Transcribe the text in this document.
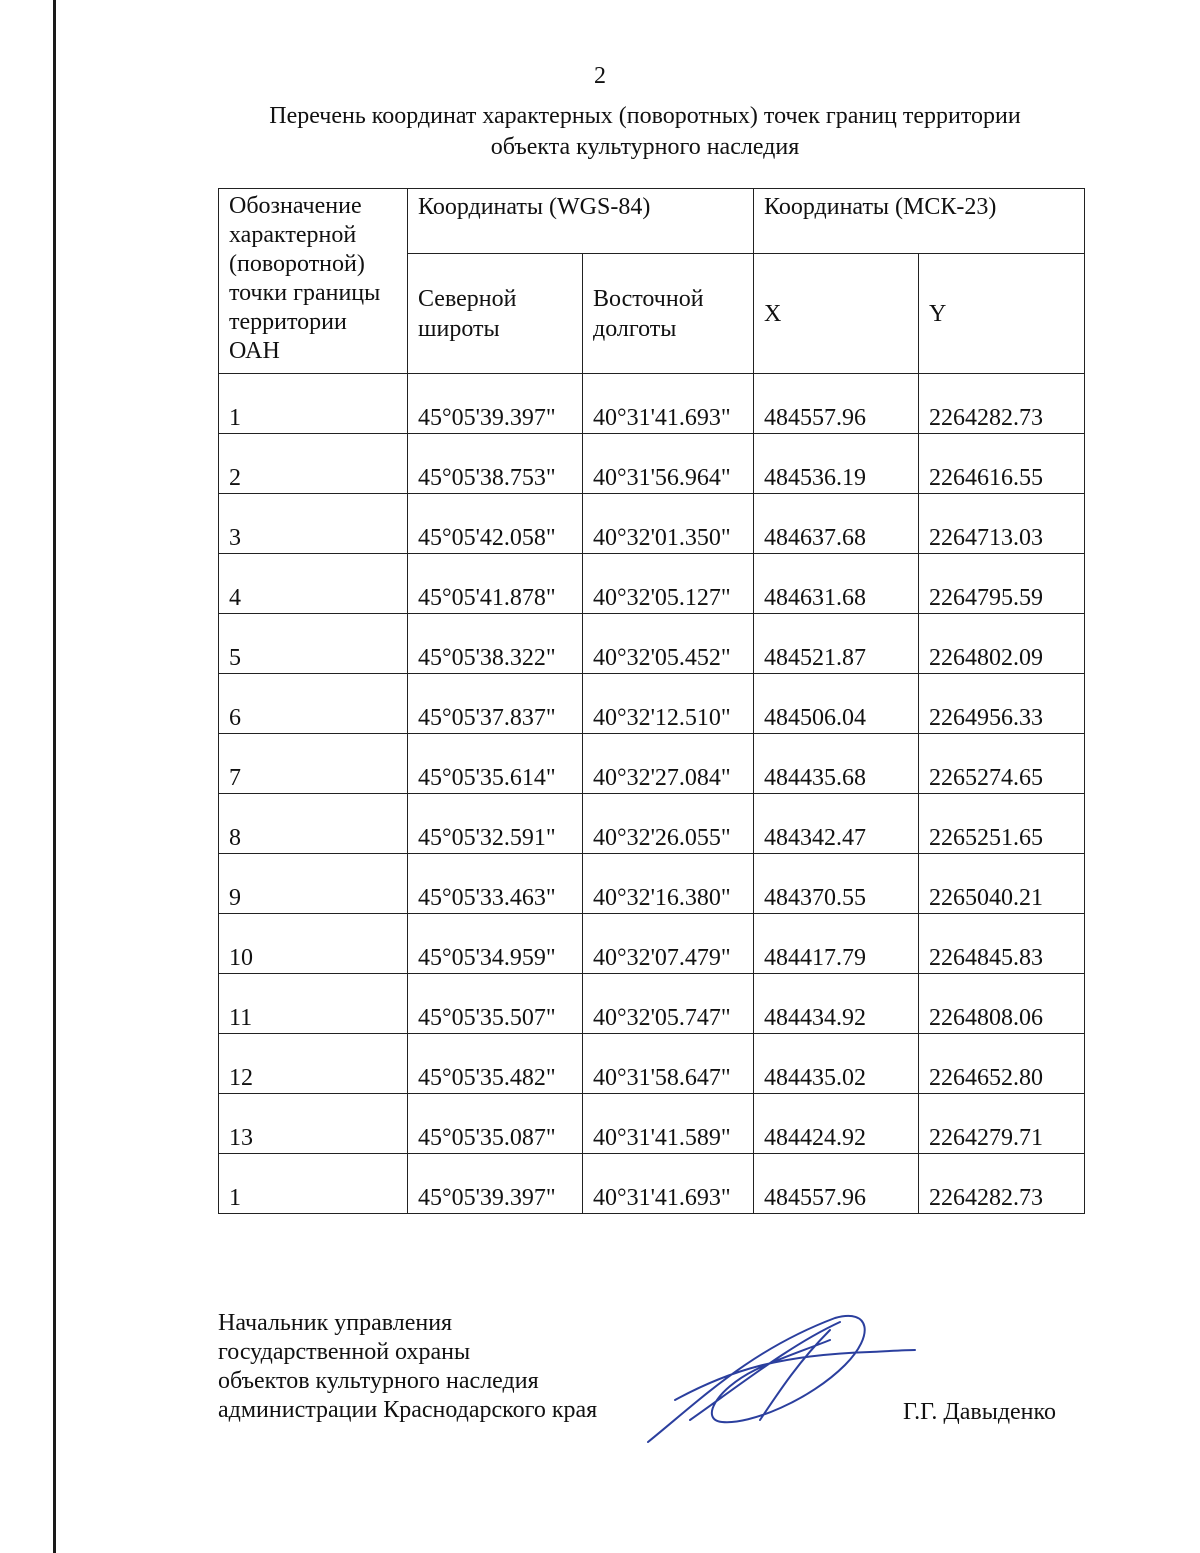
2
Перечень координат характерных (поворотных) точек границ территории
объекта культурного наследия
Обозначение характерной (поворотной) точки границы территории ОАН	Координаты (WGS-84)		Координаты (МСК-23)	
	Северной широты	Восточной долготы	X	Y
1	45°05'39.397"	40°31'41.693"	484557.96	2264282.73
2	45°05'38.753"	40°31'56.964"	484536.19	2264616.55
3	45°05'42.058"	40°32'01.350"	484637.68	2264713.03
4	45°05'41.878"	40°32'05.127"	484631.68	2264795.59
5	45°05'38.322"	40°32'05.452"	484521.87	2264802.09
6	45°05'37.837"	40°32'12.510"	484506.04	2264956.33
7	45°05'35.614"	40°32'27.084"	484435.68	2265274.65
8	45°05'32.591"	40°32'26.055"	484342.47	2265251.65
9	45°05'33.463"	40°32'16.380"	484370.55	2265040.21
10	45°05'34.959"	40°32'07.479"	484417.79	2264845.83
11	45°05'35.507"	40°32'05.747"	484434.92	2264808.06
12	45°05'35.482"	40°31'58.647"	484435.02	2264652.80
13	45°05'35.087"	40°31'41.589"	484424.92	2264279.71
1	45°05'39.397"	40°31'41.693"	484557.96	2264282.73
Начальник управления
государственной охраны
объектов культурного наследия
администрации Краснодарского края	Г.Г. Давыденко
